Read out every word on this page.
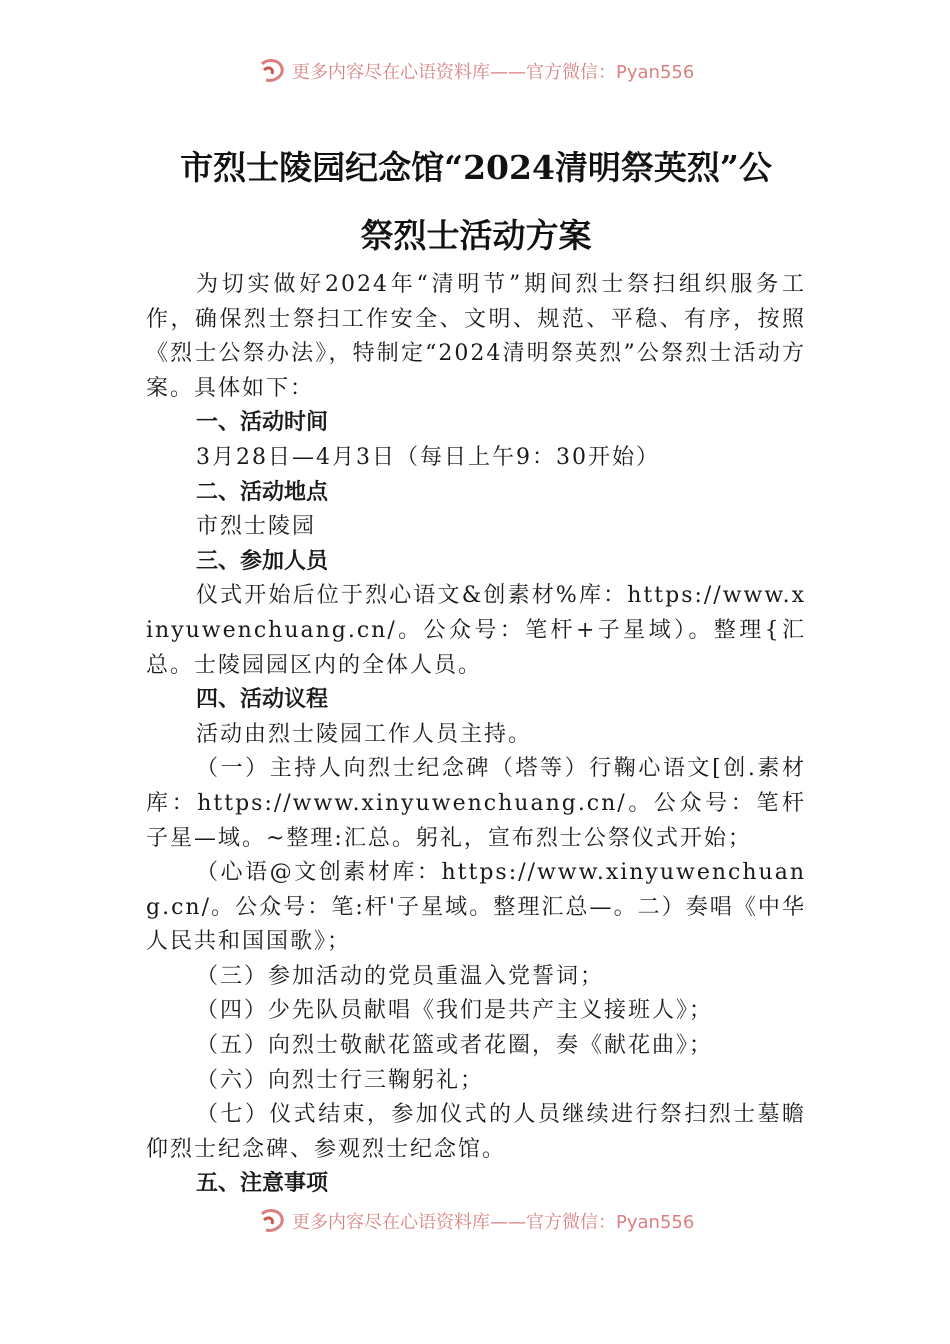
更多内容尽在心语资料库——官方微信：Pyan556
市烈士陵园纪念馆“2024清明祭英烈”公
祭烈士活动方案

为切实做好2024年“清明节”期间烈士祭扫组织服务工作，确保烈士祭扫工作安全、文明、规范、平稳、有序，按照《烈士公祭办法》，特制定“2024清明祭英烈”公祭烈士活动方案。具体如下：

一、活动时间

3月28日—4月3日（每日上午9：30开始）

二、活动地点

市烈士陵园

三、参加人员

仪式开始后位于烈心语文&创素材%库：https://www.xinyuwenchuang.cn/。公众号：笔杆+子星域）。整理{汇总。士陵园园区内的全体人员。

四、活动议程

活动由烈士陵园工作人员主持。

（一）主持人向烈士纪念碑（塔等）行鞠心语文[创.素材库：https://www.xinyuwenchuang.cn/。公众号：笔杆子星—域。~整理:汇总。躬礼，宣布烈士公祭仪式开始；

（心语@文创素材库：https://www.xinyuwenchuang.cn/。公众号：笔:杆'子星域。整理汇总—。二）奏唱《中华人民共和国国歌》；

（三）参加活动的党员重温入党誓词；

（四）少先队员献唱《我们是共产主义接班人》；

（五）向烈士敬献花篮或者花圈，奏《献花曲》；

（六）向烈士行三鞠躬礼；

（七）仪式结束，参加仪式的人员继续进行祭扫烈士墓瞻仰烈士纪念碑、参观烈士纪念馆。

五、注意事项

更多内容尽在心语资料库——官方微信：Pyan556
